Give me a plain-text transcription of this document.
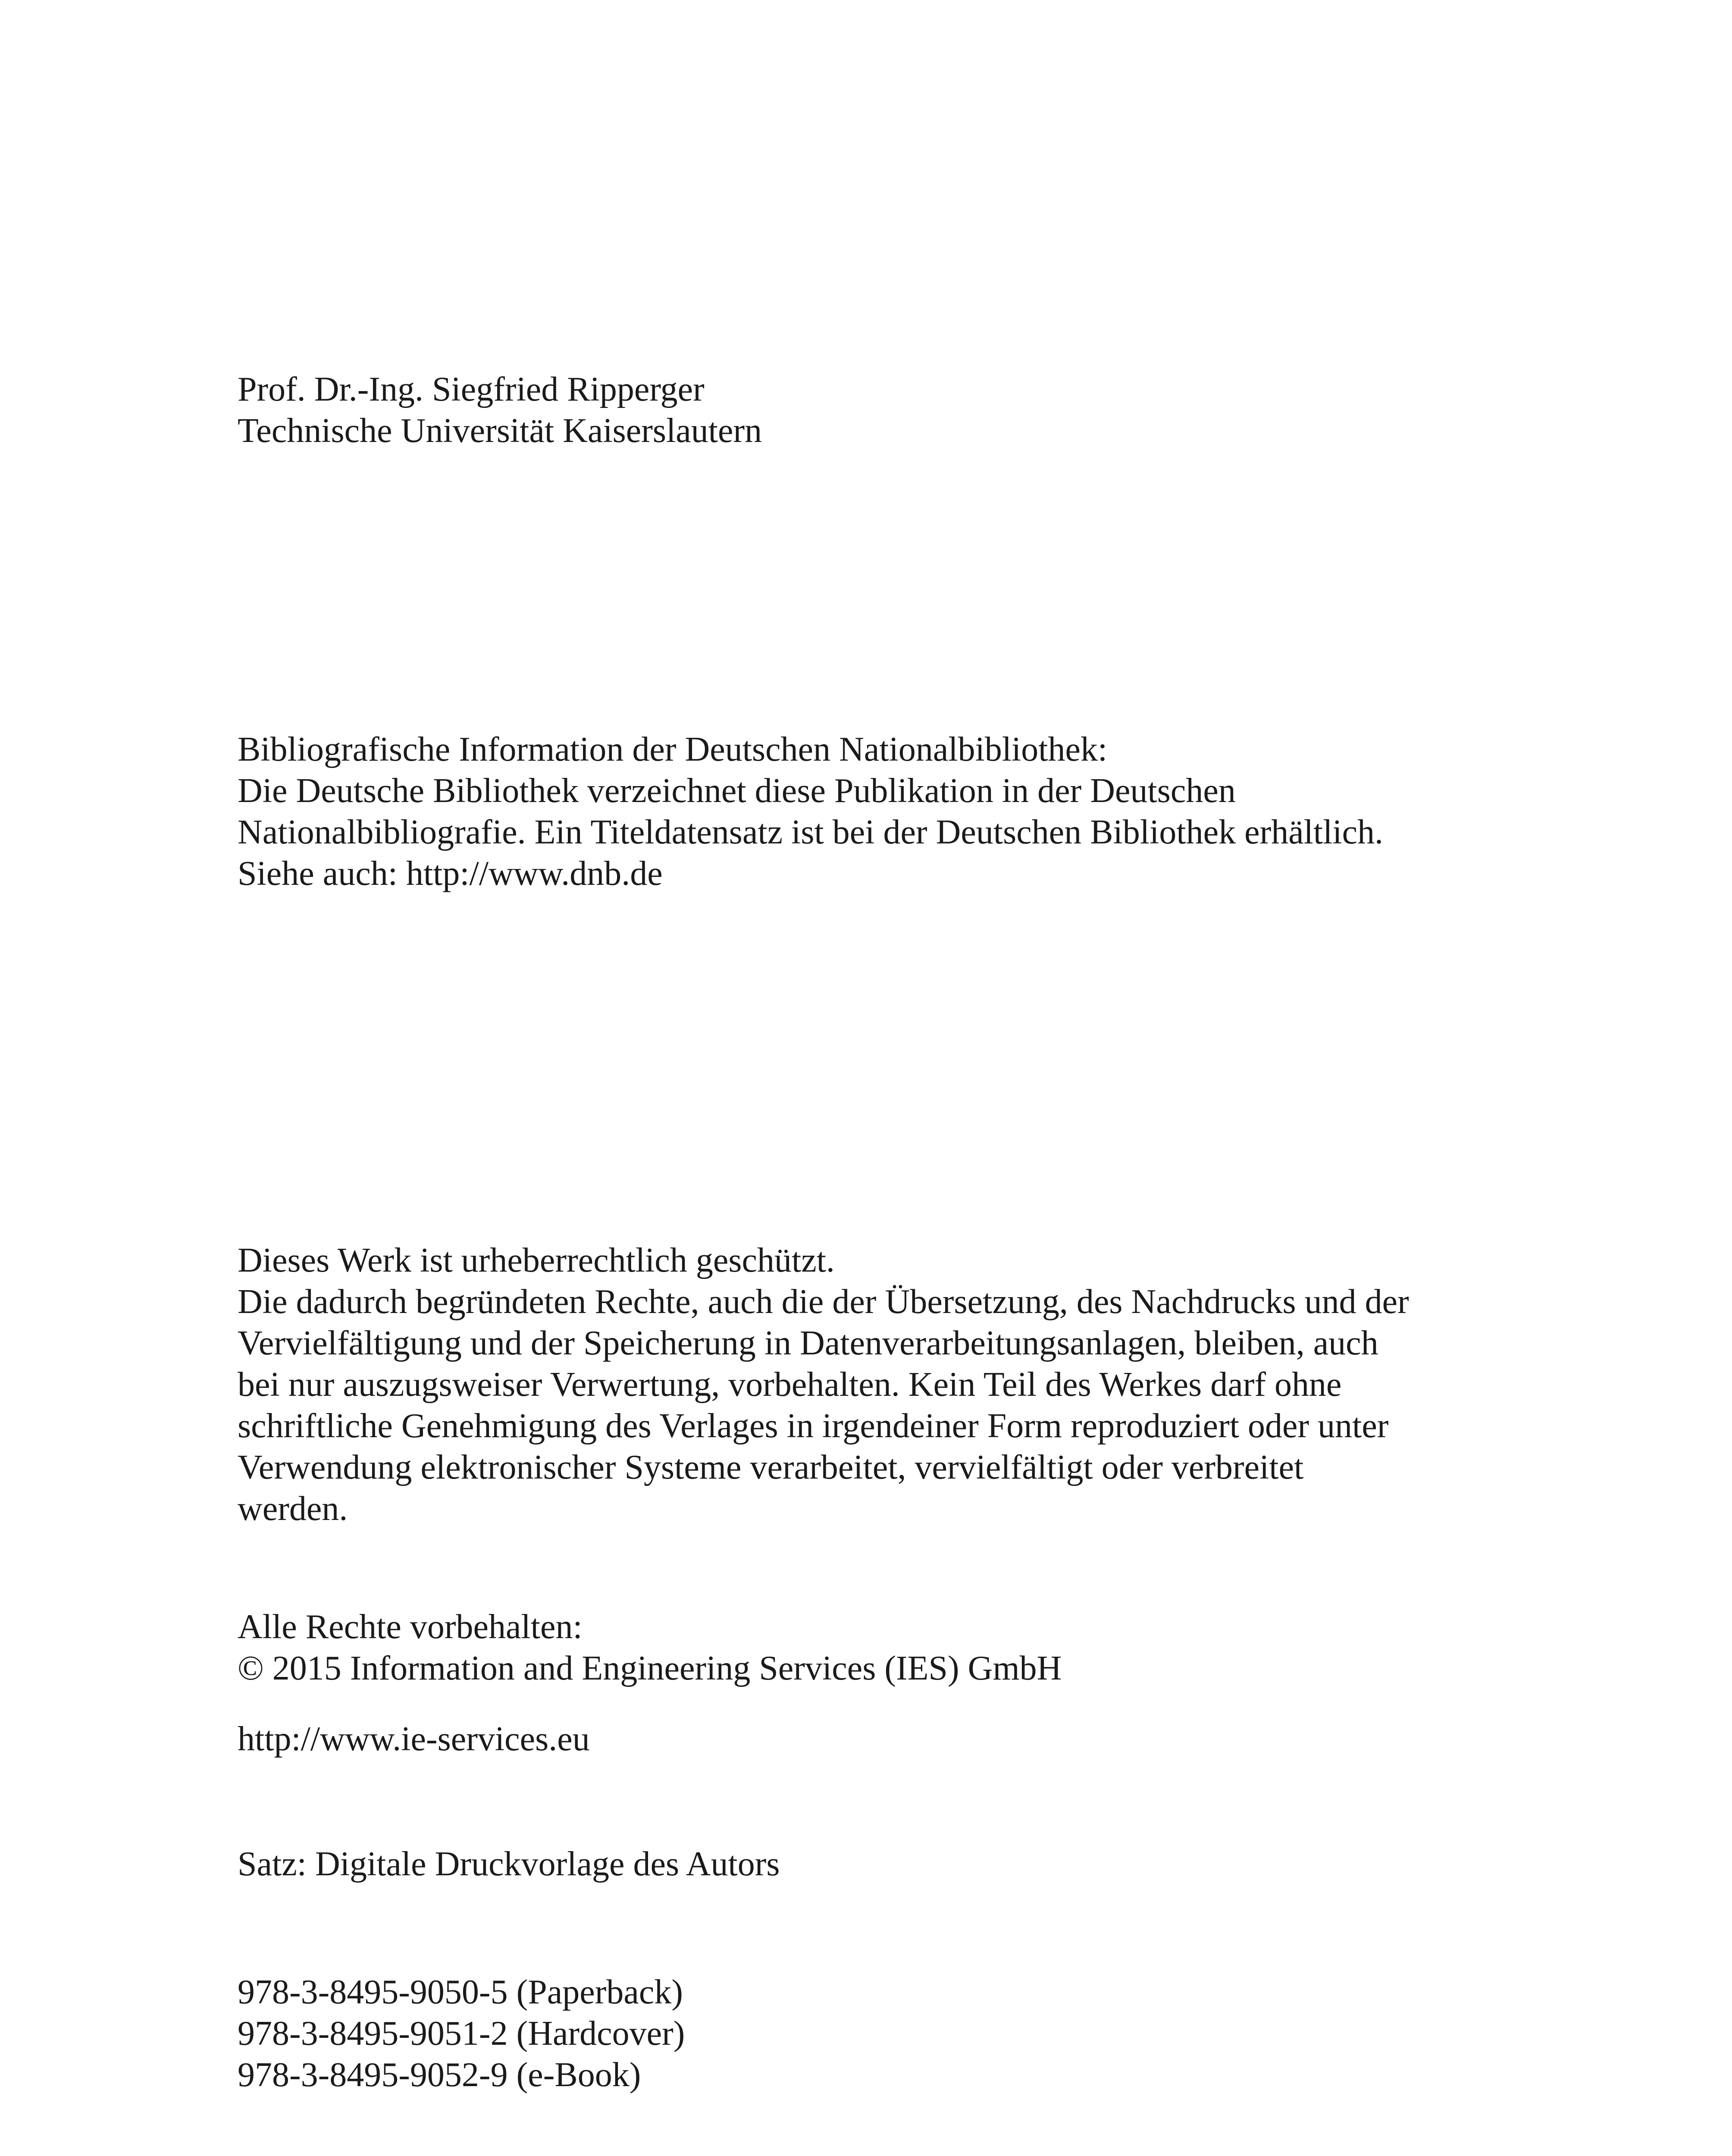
Prof. Dr.-Ing. Siegfried Ripperger
Technische Universität Kaiserslautern
Bibliografische Information der Deutschen Nationalbibliothek:
Die Deutsche Bibliothek verzeichnet diese Publikation in der Deutschen
Nationalbibliografie. Ein Titeldatensatz ist bei der Deutschen Bibliothek erhältlich.
Siehe auch: http://www.dnb.de
Dieses Werk ist urheberrechtlich geschützt.
Die dadurch begründeten Rechte, auch die der Übersetzung, des Nachdrucks und der
Vervielfältigung und der Speicherung in Datenverarbeitungsanlagen, bleiben, auch
bei nur auszugsweiser Verwertung, vorbehalten. Kein Teil des Werkes darf ohne
schriftliche Genehmigung des Verlages in irgendeiner Form reproduziert oder unter
Verwendung elektronischer Systeme verarbeitet, vervielfältigt oder verbreitet
werden.
Alle Rechte vorbehalten:
© 2015 Information and Engineering Services (IES) GmbH
http://www.ie-services.eu
Satz: Digitale Druckvorlage des Autors
978-3-8495-9050-5 (Paperback)
978-3-8495-9051-2 (Hardcover)
978-3-8495-9052-9 (e-Book)
